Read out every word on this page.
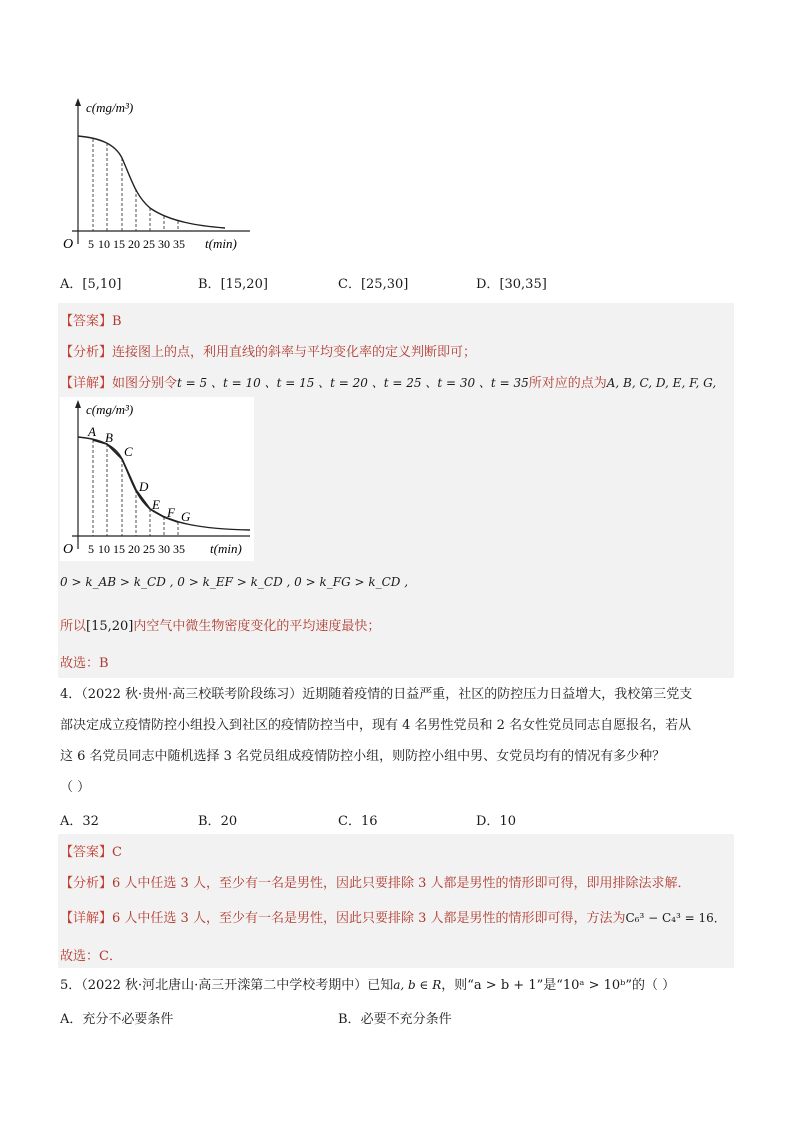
c(mg/m³)
O 5 10 15 20 25 30 35 t(min)
A．[5,10]	B．[15,20]	C．[25,30]	D．[30,35]
【答案】B
【分析】连接图上的点，利用直线的斜率与平均变化率的定义判断即可；
【详解】如图分别令t = 5 、t = 10 、t = 15 、t = 20 、t = 25 、t = 30 、t = 35所对应的点为A, B, C, D, E, F, G,
c(mg/m³)
A B
C
D
E
F G
O 5 10 15 20 25 30 35 t(min)
0 > k_AB > k_CD , 0 > k_EF > k_CD , 0 > k_FG > k_CD ,
所以[15,20]内空气中微生物密度变化的平均速度最快；
故选：B
4．（2022 秋·贵州·高三校联考阶段练习）近期随着疫情的日益严重，社区的防控压力日益增大，我校第三党支
部决定成立疫情防控小组投入到社区的疫情防控当中，现有 4 名男性党员和 2 名女性党员同志自愿报名，若从
这 6 名党员同志中随机选择 3 名党员组成疫情防控小组，则防控小组中男、女党员均有的情况有多少种？
（ ）
A．32	B．20	C．16	D．10
【答案】C
【分析】6 人中任选 3 人，至少有一名是男性，因此只要排除 3 人都是男性的情形即可得，即用排除法求解．
【详解】6 人中任选 3 人，至少有一名是男性，因此只要排除 3 人都是男性的情形即可得，方法为C₆³ − C₄³ = 16．
故选：C．
5．（2022 秋·河北唐山·高三开滦第二中学校考期中）已知a, b ∈ R，则“a > b + 1”是“10ᵃ > 10ᵇ”的（ ）
A．充分不必要条件	B．必要不充分条件
